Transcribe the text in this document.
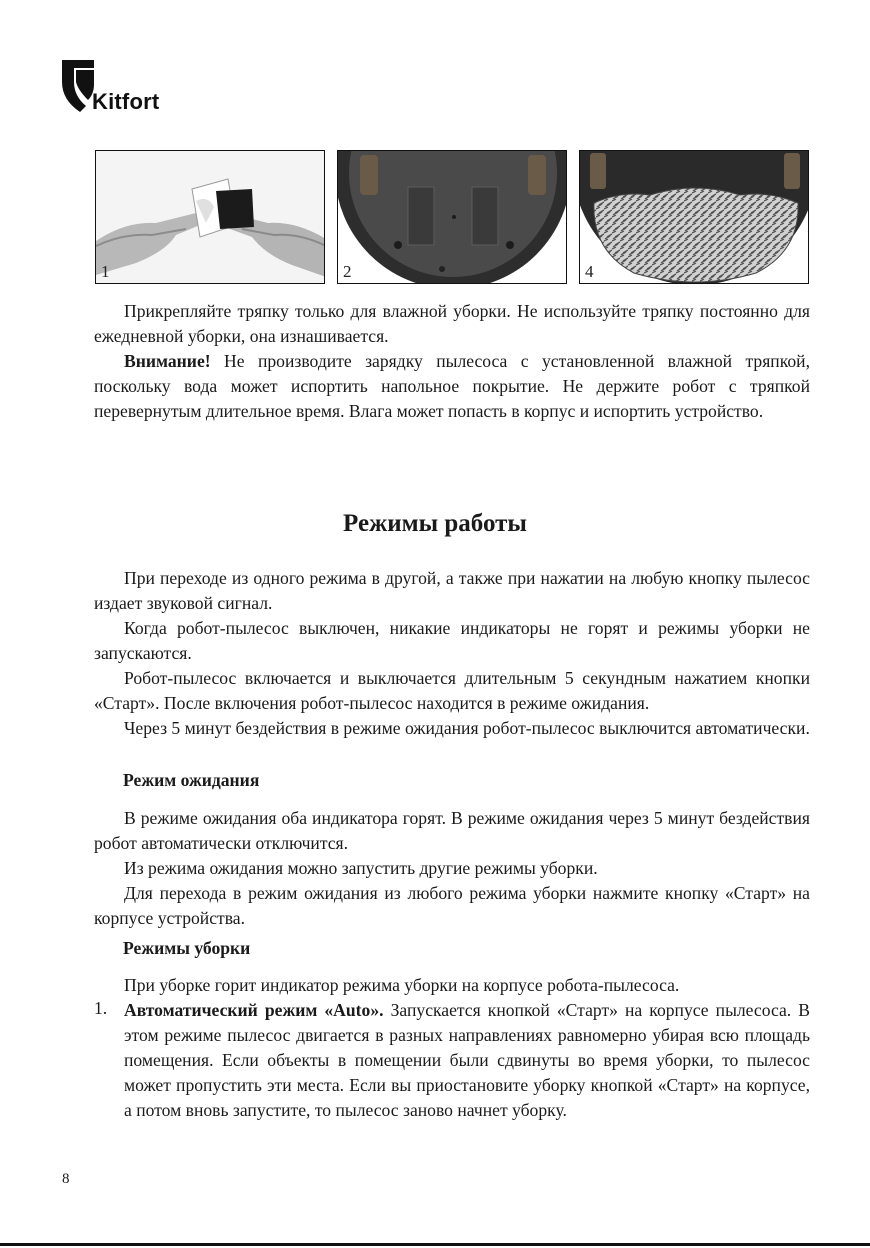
Kitfort
1	2	4

Прикрепляйте тряпку только для влажной уборки. Не используйте тряпку постоянно для ежедневной уборки, она изнашивается.

Внимание! Не производите зарядку пылесоса с установленной влажной тряпкой, поскольку вода может испортить напольное покрытие. Не держите робот с тряпкой перевернутым длительное время. Влага может попасть в корпус и испортить устройство.

Режимы работы

При переходе из одного режима в другой, а также при нажатии на любую кнопку пылесос издает звуковой сигнал.

Когда робот-пылесос выключен, никакие индикаторы не горят и режимы уборки не запускаются.

Робот-пылесос включается и выключается длительным 5 секундным нажатием кнопки «Старт». После включения робот-пылесос находится в режиме ожидания.

Через 5 минут бездействия в режиме ожидания робот-пылесос выключится автоматически.

Режим ожидания

В режиме ожидания оба индикатора горят. В режиме ожидания через 5 минут бездействия робот автоматически отключится.

Из режима ожидания можно запустить другие режимы уборки.

Для перехода в режим ожидания из любого режима уборки нажмите кнопку «Старт» на корпусе устройства.

Режимы уборки

При уборке горит индикатор режима уборки на корпусе робота-пылесоса.

1. Автоматический режим «Auto». Запускается кнопкой «Старт» на корпусе пылесоса. В этом режиме пылесос двигается в разных направлениях равномерно убирая всю площадь помещения. Если объекты в помещении были сдвинуты во время уборки, то пылесос может пропустить эти места. Если вы приостановите уборку кнопкой «Старт» на корпусе, а потом вновь запустите, то пылесос заново начнет уборку.

8
